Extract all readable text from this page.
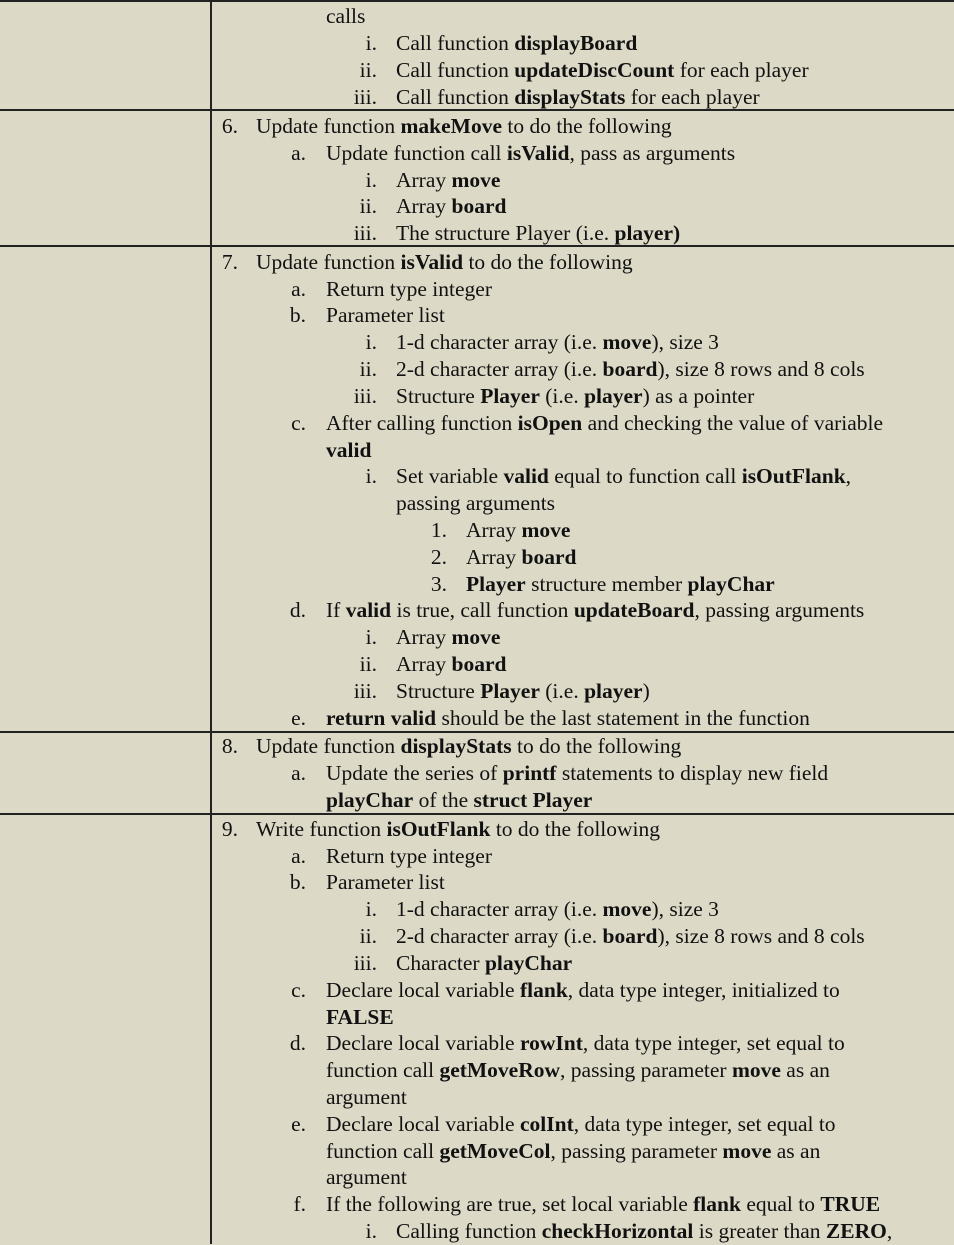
calls
i. Call function displayBoard
ii. Call function updateDiscCount for each player
iii. Call function displayStats for each player
6. Update function makeMove to do the following
a. Update function call isValid, pass as arguments
i. Array move
ii. Array board
iii. The structure Player (i.e. player)
7. Update function isValid to do the following
a. Return type integer
b. Parameter list
i. 1-d character array (i.e. move), size 3
ii. 2-d character array (i.e. board), size 8 rows and 8 cols
iii. Structure Player (i.e. player) as a pointer
c. After calling function isOpen and checking the value of variable
valid
i. Set variable valid equal to function call isOutFlank,
passing arguments
1. Array move
2. Array board
3. Player structure member playChar
d. If valid is true, call function updateBoard, passing arguments
i. Array move
ii. Array board
iii. Structure Player (i.e. player)
e. return valid should be the last statement in the function
8. Update function displayStats to do the following
a. Update the series of printf statements to display new field
playChar of the struct Player
9. Write function isOutFlank to do the following
a. Return type integer
b. Parameter list
i. 1-d character array (i.e. move), size 3
ii. 2-d character array (i.e. board), size 8 rows and 8 cols
iii. Character playChar
c. Declare local variable flank, data type integer, initialized to
FALSE
d. Declare local variable rowInt, data type integer, set equal to
function call getMoveRow, passing parameter move as an
argument
e. Declare local variable colInt, data type integer, set equal to
function call getMoveCol, passing parameter move as an
argument
f. If the following are true, set local variable flank equal to TRUE
i. Calling function checkHorizontal is greater than ZERO,
